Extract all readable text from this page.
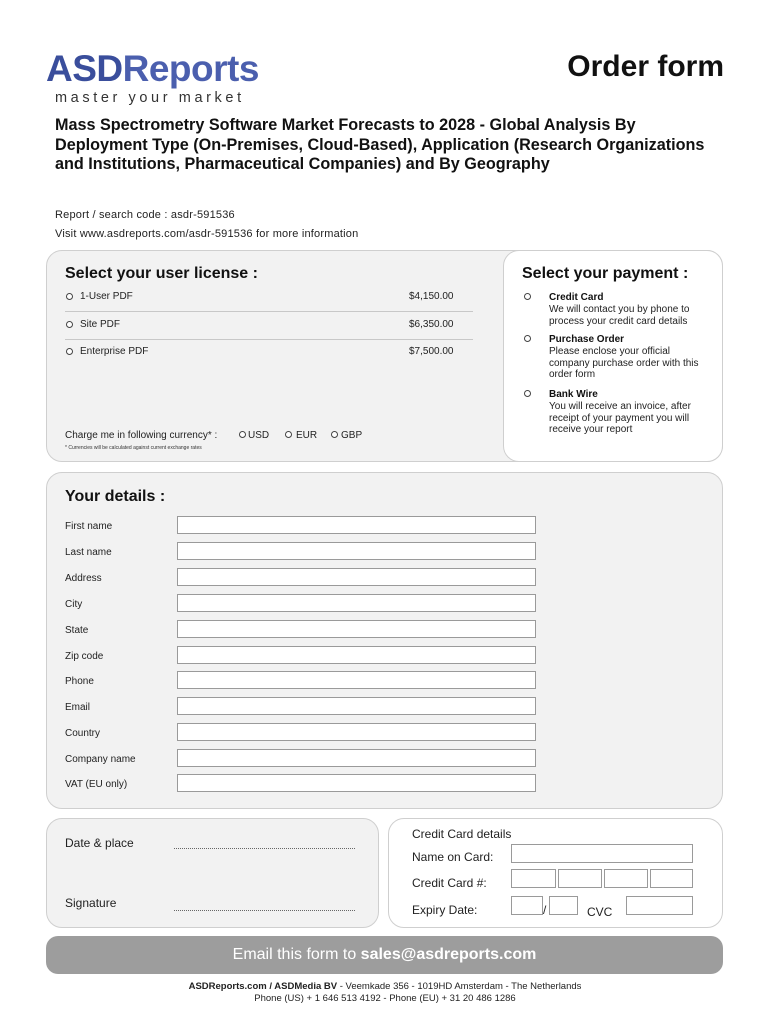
ASDReports
master your market
Order form
Mass Spectrometry Software Market Forecasts to 2028 - Global Analysis By Deployment Type (On-Premises, Cloud-Based), Application (Research Organizations and Institutions, Pharmaceutical Companies) and By Geography
Report / search code : asdr-591536
Visit www.asdreports.com/asdr-591536 for more information
Select your user license :
1-User PDF	$4,150.00
Site PDF	$6,350.00
Enterprise PDF	$7,500.00
Charge me in following currency* :	USD	EUR GBP
* Currencies will be calculated against current exchange rates
Select your payment :
Credit Card
We will contact you by phone to process your credit card details
Purchase Order
Please enclose your official company purchase order with this order form
Bank Wire
You will receive an invoice, after receipt of your payment you will receive your report
Your details :
First name
Last name
Address
City
State
Zip code
Phone
Email
Country
Company name
VAT (EU only)
Date & place
Signature
Credit Card details
Name on Card:
Credit Card #:
Expiry Date:	/	CVC
Email this form to sales@asdreports.com
ASDReports.com / ASDMedia BV - Veemkade 356 - 1019HD Amsterdam - The Netherlands
Phone (US) + 1 646 513 4192 - Phone (EU) + 31 20 486 1286
